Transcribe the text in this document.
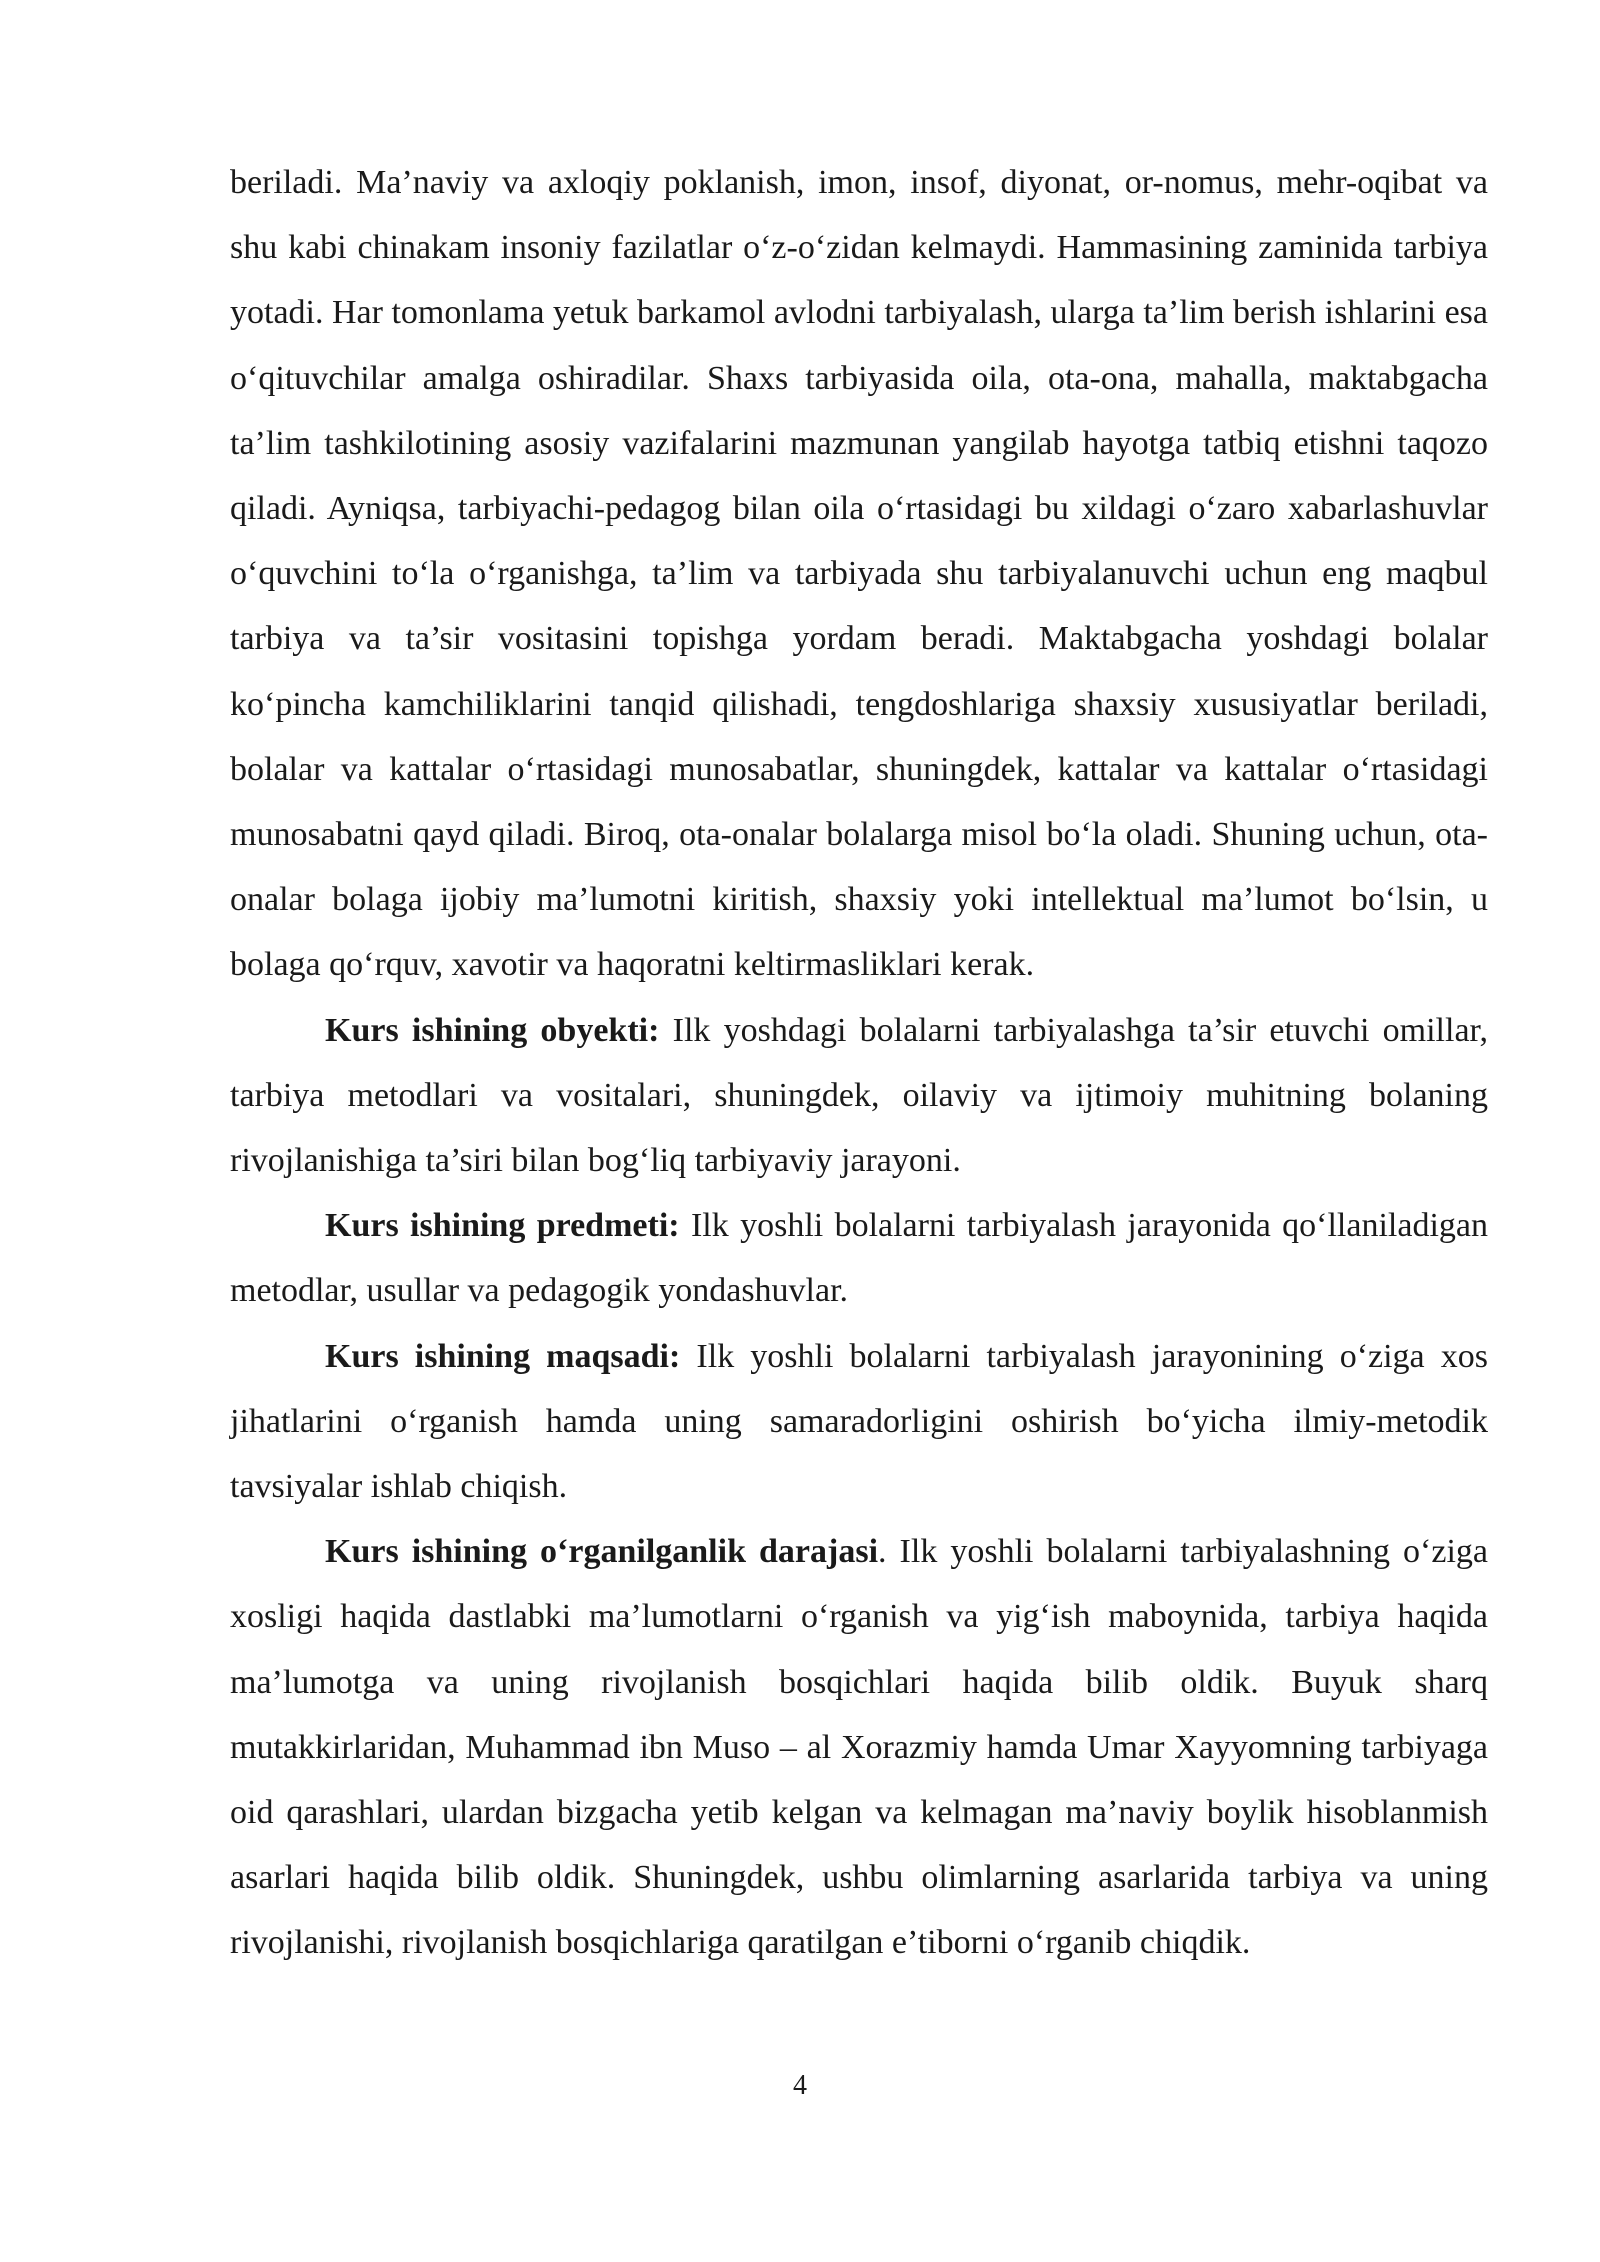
beriladi. Ma’naviy va axloqiy poklanish, imon, insof, diyonat, or-nomus, mehr-oqibat va shu kabi chinakam insoniy fazilatlar o‘z-o‘zidan kelmaydi. Hammasining zaminida tarbiya yotadi. Har tomonlama yetuk barkamol avlodni tarbiyalash, ularga ta’lim berish ishlarini esa o‘qituvchilar amalga oshiradilar. Shaxs tarbiyasida oila, ota-ona, mahalla, maktabgacha ta’lim tashkilotining asosiy vazifalarini mazmunan yangilab hayotga tatbiq etishni taqozo qiladi. Ayniqsa, tarbiyachi-pedagog bilan oila o‘rtasidagi bu xildagi o‘zaro xabarlashuvlar o‘quvchini to‘la o‘rganishga, ta’lim va tarbiyada shu tarbiyalanuvchi uchun eng maqbul tarbiya va ta’sir vositasini topishga yordam beradi. Maktabgacha yoshdagi bolalar ko‘pincha kamchiliklarini tanqid qilishadi, tengdoshlariga shaxsiy xususiyatlar beriladi, bolalar va kattalar o‘rtasidagi munosabatlar, shuningdek, kattalar va kattalar o‘rtasidagi munosabatni qayd qiladi. Biroq, ota-onalar bolalarga misol bo‘la oladi. Shuning uchun, ota-onalar bolaga ijobiy ma’lumotni kiritish, shaxsiy yoki intellektual ma’lumot bo‘lsin, u bolaga qo‘rquv, xavotir va haqoratni keltirmasliklari kerak.

Kurs ishining obyekti: Ilk yoshdagi bolalarni tarbiyalashga ta’sir etuvchi omillar, tarbiya metodlari va vositalari, shuningdek, oilaviy va ijtimoiy muhitning bolaning rivojlanishiga ta’siri bilan bog‘liq tarbiyaviy jarayoni.

Kurs ishining predmeti: Ilk yoshli bolalarni tarbiyalash jarayonida qo‘llaniladigan metodlar, usullar va pedagogik yondashuvlar.

Kurs ishining maqsadi: Ilk yoshli bolalarni tarbiyalash jarayonining o‘ziga xos jihatlarini o‘rganish hamda uning samaradorligini oshirish bo‘yicha ilmiy-metodik tavsiyalar ishlab chiqish.

Kurs ishining o‘rganilganlik darajasi. Ilk yoshli bolalarni tarbiyalashning o‘ziga xosligi haqida dastlabki ma’lumotlarni o‘rganish va yig‘ish maboynida, tarbiya haqida ma’lumotga va uning rivojlanish bosqichlari haqida bilib oldik. Buyuk sharq mutakkirlaridan, Muhammad ibn Muso – al Xorazmiy hamda Umar Xayyomning tarbiyaga oid qarashlari, ulardan bizgacha yetib kelgan va kelmagan ma’naviy boylik hisoblanmish asarlari haqida bilib oldik. Shuningdek, ushbu olimlarning asarlarida tarbiya va uning rivojlanishi, rivojlanish bosqichlariga qaratilgan e’tiborni o‘rganib chiqdik.

4
